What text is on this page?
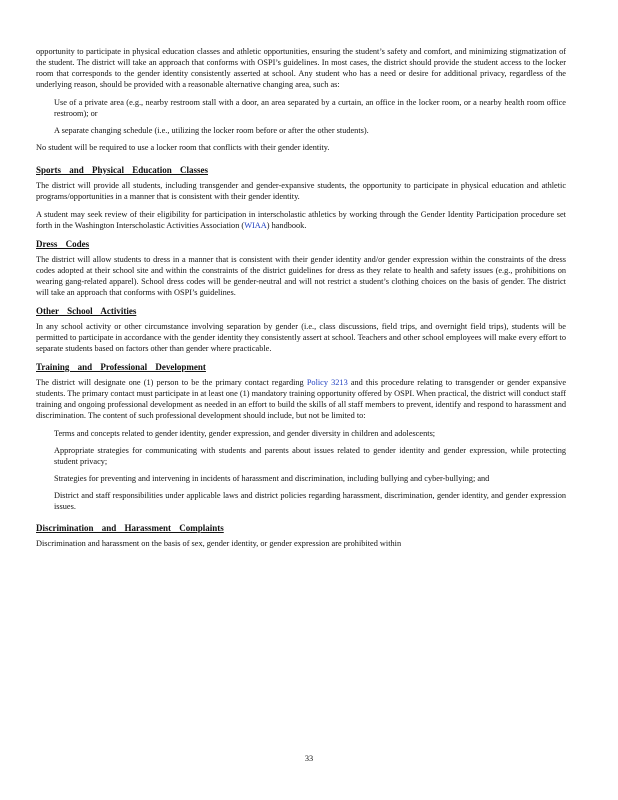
opportunity to participate in physical education classes and athletic opportunities, ensuring the student’s safety and comfort, and minimizing stigmatization of the student. The district will take an approach that conforms with OSPI’s guidelines. In most cases, the district should provide the student access to the locker room that corresponds to the gender identity consistently asserted at school. Any student who has a need or desire for additional privacy, regardless of the underlying reason, should be provided with a reasonable alternative changing area, such as:

Use of a private area (e.g., nearby restroom stall with a door, an area separated by a curtain, an office in the locker room, or a nearby health room office restroom); or
A separate changing schedule (i.e., utilizing the locker room before or after the other students).

No student will be required to use a locker room that conflicts with their gender identity.

Sports and Physical Education Classes

The district will provide all students, including transgender and gender-expansive students, the opportunity to participate in physical education and athletic programs/opportunities in a manner that is consistent with their gender identity.

A student may seek review of their eligibility for participation in interscholastic athletics by working through the Gender Identity Participation procedure set forth in the Washington Interscholastic Activities Association (WIAA) handbook.

Dress Codes

The district will allow students to dress in a manner that is consistent with their gender identity and/or gender expression within the constraints of the dress codes adopted at their school site and within the constraints of the district guidelines for dress as they relate to health and safety issues (e.g., prohibitions on wearing gang-related apparel). School dress codes will be gender-neutral and will not restrict a student’s clothing choices on the basis of gender. The district will take an approach that conforms with OSPI’s guidelines.

Other School Activities

In any school activity or other circumstance involving separation by gender (i.e., class discussions, field trips, and overnight field trips), students will be permitted to participate in accordance with the gender identity they consistently assert at school. Teachers and other school employees will make every effort to separate students based on factors other than gender where practicable.

Training and Professional Development

The district will designate one (1) person to be the primary contact regarding Policy 3213 and this procedure relating to transgender or gender expansive students. The primary contact must participate in at least one (1) mandatory training opportunity offered by OSPI. When practical, the district will conduct staff training and ongoing professional development as needed in an effort to build the skills of all staff members to prevent, identify and respond to harassment and discrimination. The content of such professional development should include, but not be limited to:

Terms and concepts related to gender identity, gender expression, and gender diversity in children and adolescents;
Appropriate strategies for communicating with students and parents about issues related to gender identity and gender expression, while protecting student privacy;
Strategies for preventing and intervening in incidents of harassment and discrimination, including bullying and cyber-bullying; and
District and staff responsibilities under applicable laws and district policies regarding harassment, discrimination, gender identity, and gender expression issues.
Discrimination and Harassment Complaints

Discrimination and harassment on the basis of sex, gender identity, or gender expression are prohibited within

33
